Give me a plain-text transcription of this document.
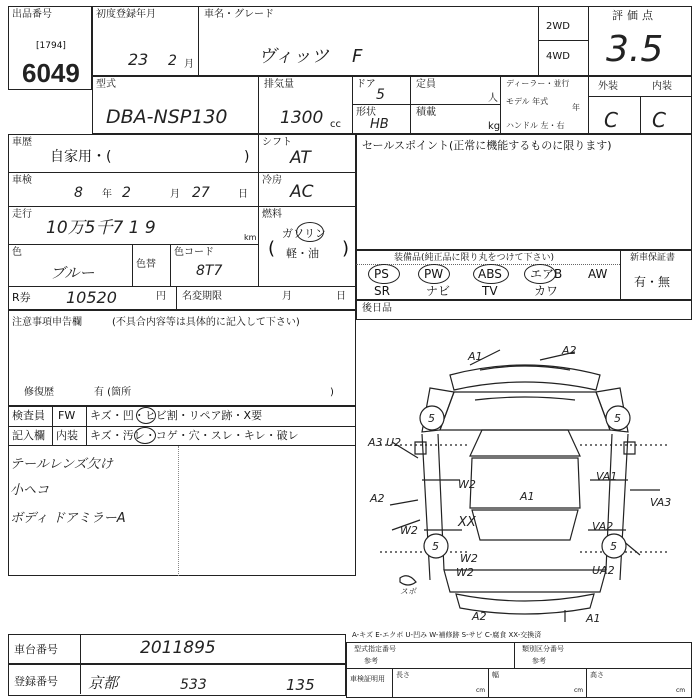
出品番号
[1794]
6049
初度登録年月
23 2 月
車名・グレード
ヴィッツ F
2WD
4WD
評価点
3.5
型式
DBA-NSP130
排気量
1300 cc
ドア
5
形状
HB
定員
人
積載
kg
ディーラー・並行
モデル 年式
年
ハンドル 左・右
外装	内装
C C
車歴
自家用・(	)
シフト
AT
車検
8 年 2	月 27	日
冷房
AC
走行
10万5千7 1 9	km
燃料
ガソリン
軽・油
(	)
色
ブルー	色替
色コード
8T7
R券 10520	円 名変期限	月	日
注意事項申告欄	(不具合内容等は具体的に記入して下さい)
修復歴	有 (箇所	)
検査員
記入欄
FW キズ・凹・ヒビ割・リペア跡・X要
内装 キズ・汚レ・コゲ・穴・スレ・キレ・破レ
テールレンズ欠け
小ヘコ
ボディ ドアミラーA
セールスポイント(正常に機能するものに限ります)
装備品(純正品に限り丸をつけて下さい)	新車保証書
有・無
PS	PW	ABS エアB AW
SR	ナビ	TV	カワ
後日品
5	5
5	5
A1	A2
A3 U2
A2
W2
W2
W2
W2
A1
XX
VA1
VA2
VA3
UA2
A2	A1
スポ
A-キズ E-エクボ U-凹み W-補修跡 S-サビ C-腐食 XX-交換済
車台番号	2011895
登録番号 京都	533	135
型式指定番号
参考
類別区分番号
参考
車検証明用 長さ	幅	高さ
cm	cm	cm
